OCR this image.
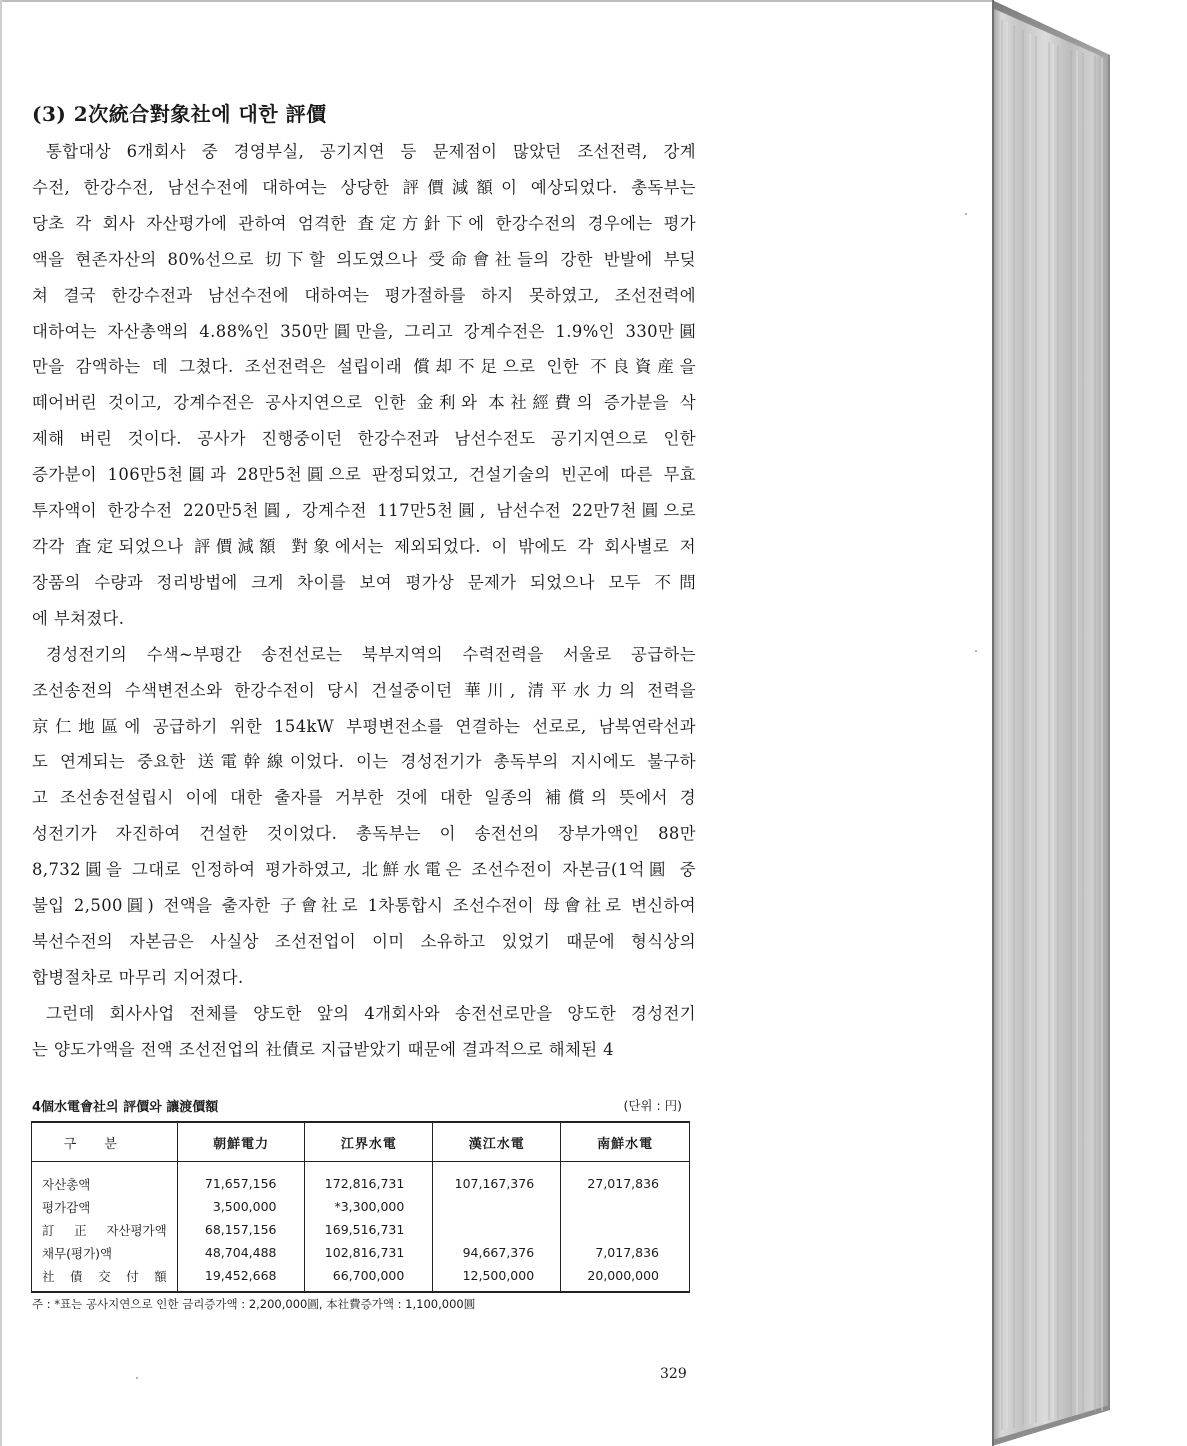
(3) 2次統合對象社에 대한 評價

통합대상 6개회사 중 경영부실, 공기지연 등 문제점이 많았던 조선전력, 강계
수전, 한강수전, 남선수전에 대하여는 상당한 評價減額이 예상되었다. 총독부는
당초 각 회사 자산평가에 관하여 엄격한 査定方針下에 한강수전의 경우에는 평가
액을 현존자산의 80%선으로 切下할 의도였으나 受命會社들의 강한 반발에 부딪
쳐 결국 한강수전과 남선수전에 대하여는 평가절하를 하지 못하였고, 조선전력에
대하여는 자산총액의 4.88%인 350만圓만을, 그리고 강계수전은 1.9%인 330만圓
만을 감액하는 데 그쳤다. 조선전력은 설립이래 償却不足으로 인한 不良資産을
떼어버린 것이고, 강계수전은 공사지연으로 인한 金利와 本社經費의 증가분을 삭
제해 버린 것이다. 공사가 진행중이던 한강수전과 남선수전도 공기지연으로 인한
증가분이 106만5천圓과 28만5천圓으로 판정되었고, 건설기술의 빈곤에 따른 무효
투자액이 한강수전 220만5천圓, 강계수전 117만5천圓, 남선수전 22만7천圓으로
각각 査定되었으나 評價減額 對象에서는 제외되었다. 이 밖에도 각 회사별로 저
장품의 수량과 정리방법에 크게 차이를 보여 평가상 문제가 되었으나 모두 不問
에 부쳐졌다.

경성전기의 수색~부평간 송전선로는 북부지역의 수력전력을 서울로 공급하는
조선송전의 수색변전소와 한강수전이 당시 건설중이던 華川, 清平水力의 전력을
京仁地區에 공급하기 위한 154kW 부평변전소를 연결하는 선로로, 남북연락선과
도 연계되는 중요한 送電幹線이었다. 이는 경성전기가 총독부의 지시에도 불구하
고 조선송전설립시 이에 대한 출자를 거부한 것에 대한 일종의 補償의 뜻에서 경
성전기가 자진하여 건설한 것이었다. 총독부는 이 송전선의 장부가액인 88만
8,732圓을 그대로 인정하여 평가하였고, 北鮮水電은 조선수전이 자본금(1억圓 중
불입 2,500圓) 전액을 출자한 子會社로 1차통합시 조선수전이 母會社로 변신하여
북선수전의 자본금은 사실상 조선전업이 이미 소유하고 있었기 때문에 형식상의
합병절차로 마무리 지어졌다.

그런데 회사사업 전체를 양도한 앞의 4개회사와 송전선로만을 양도한 경성전기
는 양도가액을 전액 조선전업의 社債로 지급받았기 때문에 결과적으로 해체된 4

4個水電會社의 評價와 讓渡價額	(단위 : 円)
구분	朝鮮電力	江界水電	漢江水電	南鮮水電
자산총액	71,657,156	172,816,731	107,167,376	27,017,836
평가감액	3,500,000	*3,300,000		
訂正자산평가액	68,157,156	169,516,731		
채무(평가)액	48,704,488	102,816,731	94,667,376	7,017,836
社債交付額	19,452,668	66,700,000	12,500,000	20,000,000
주 : *표는 공사지연으로 인한 금리증가액 : 2,200,000圓, 本社費증가액 : 1,100,000圓
329
